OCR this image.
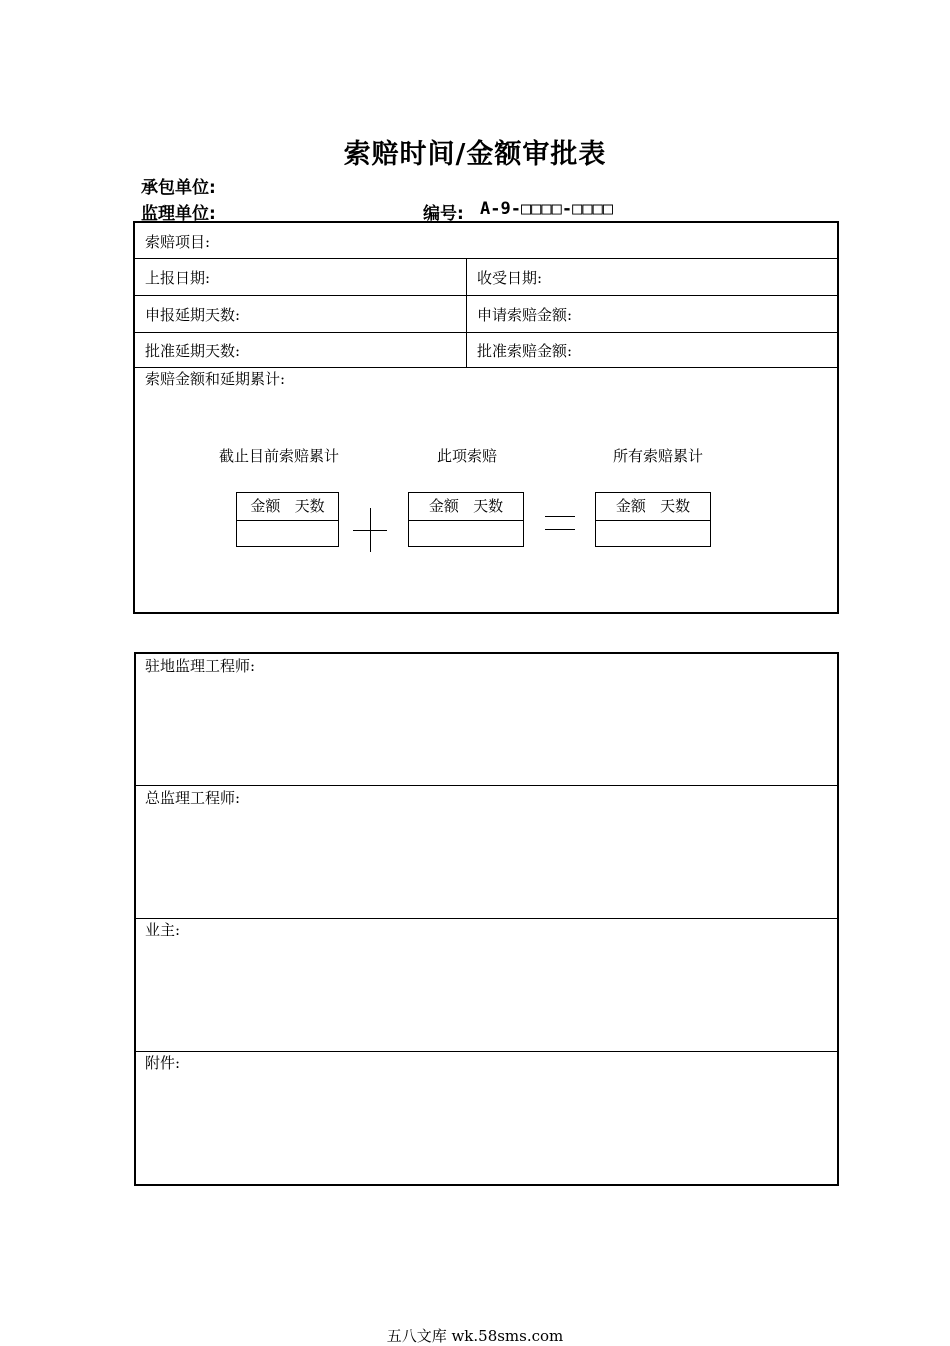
索赔时间/金额审批表
承包单位:
监理单位:	编号: A-9-□□□□-□□□□
索赔项目:
上报日期:	收受日期:
申报延期天数:	申请索赔金额:
批准延期天数:	批准索赔金额:
索赔金额和延期累计:
截止目前索赔累计	此项索赔	所有索赔累计
金额 天数	金额 天数	金额 天数
驻地监理工程师:
总监理工程师:
业主:
附件:
五八文库 wk.58sms.com
